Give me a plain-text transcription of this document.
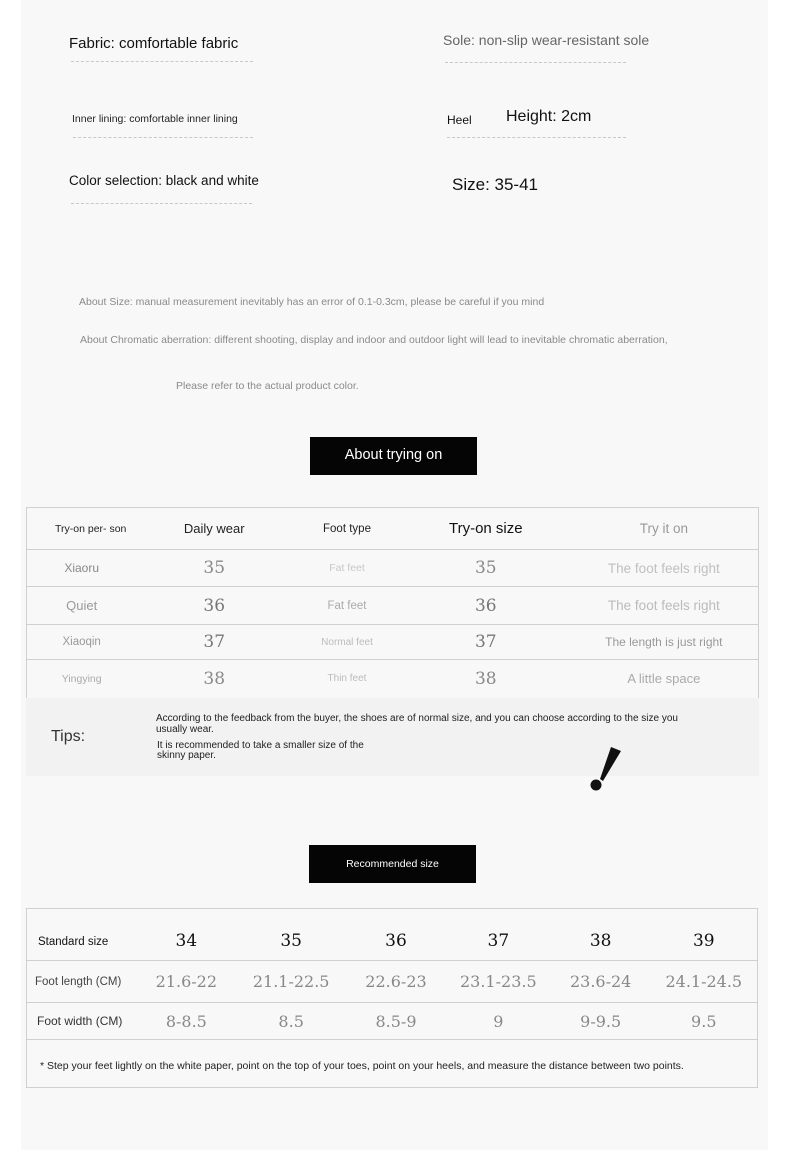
Fabric: comfortable fabric	Sole: non-slip wear-resistant sole
Inner lining: comfortable inner lining	Heel Height: 2cm
Color selection: black and white	Size: 35-41
About Size: manual measurement inevitably has an error of 0.1-0.3cm, please be careful if you mind
About Chromatic aberration: different shooting, display and indoor and outdoor light will lead to inevitable chromatic aberration,
Please refer to the actual product color.
About trying on
Try-on per- son	Daily wear	Foot type	Try-on size	Try it on
Xiaoru	35	Fat feet	35	The foot feels right
Quiet	36	Fat feet	36	The foot feels right
Xiaoqin	37	Normal feet	37	The length is just right
Yingying	38	Thin feet	38	A little space
Tips:
According to the feedback from the buyer, the shoes are of normal size, and you can choose according to the size you usually wear.
It is recommended to take a smaller size of the skinny paper.
Recommended size
Standard size	34	35	36	37	38	39
Foot length (CM)	21.6-22	21.1-22.5	22.6-23	23.1-23.5	23.6-24	24.1-24.5
Foot width (CM)	8-8.5	8.5	8.5-9	9	9-9.5	9.5
* Step your feet lightly on the white paper, point on the top of your toes, point on your heels, and measure the distance between two points.						
